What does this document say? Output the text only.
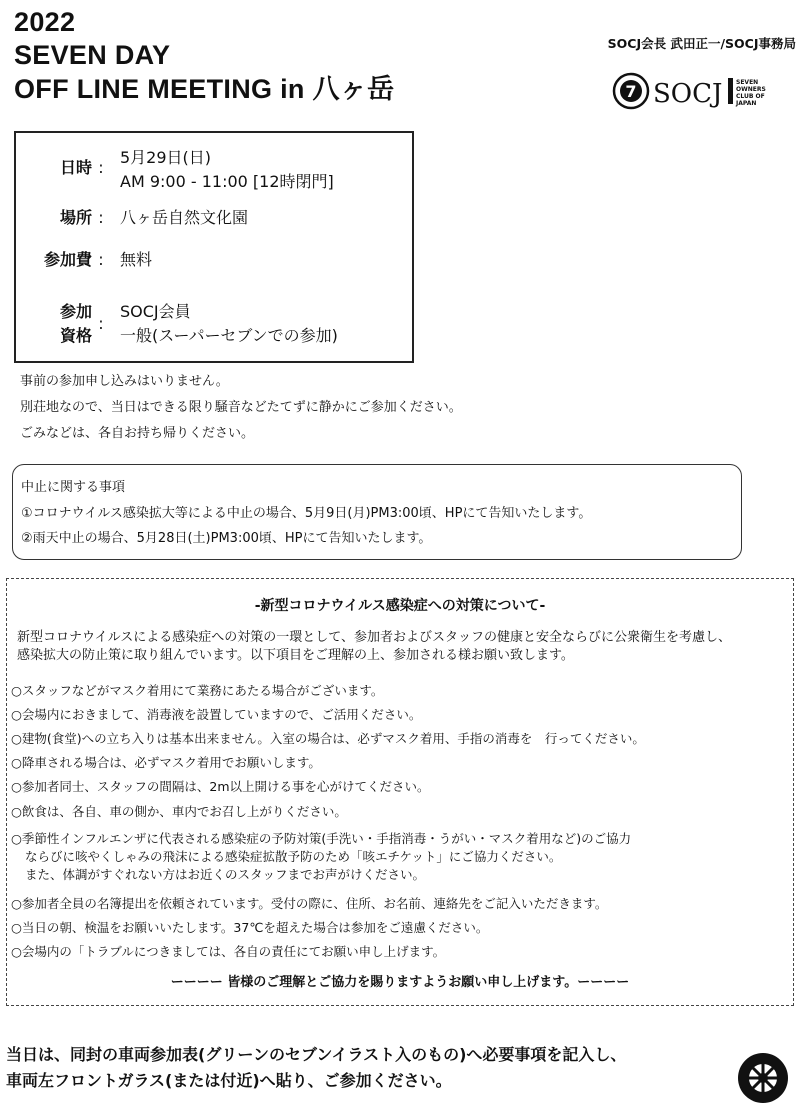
2022
SEVEN DAY
OFF LINE MEETING in 八ヶ岳
SOCJ会長 武田正一/SOCJ事務局
7 SOCJ SEVEN
OWNERS
CLUB OF
JAPAN
日時 :
5月29日(日)
AM 9:00 - 11:00 [12時閉門]
場所 : 八ヶ岳自然文化園
参加費 : 無料
参加
資格
:
SOCJ会員
一般(スーパーセブンでの参加)
事前の参加申し込みはいりません。
別荘地なので、当日はできる限り騒音などたてずに静かにご参加ください。
ごみなどは、各自お持ち帰りください。
中止に関する事項
①コロナウイルス感染拡大等による中止の場合、5月9日(月)PM3:00頃、HPにて告知いたします。
②雨天中止の場合、5月28日(土)PM3:00頃、HPにて告知いたします。
-新型コロナウイルス感染症への対策について-
新型コロナウイルスによる感染症への対策の一環として、参加者およびスタッフの健康と安全ならびに公衆衛生を考慮し、
感染拡大の防止策に取り組んでいます。以下項目をご理解の上、参加される様お願い致します。
○スタッフなどがマスク着用にて業務にあたる場合がございます。
○会場内におきまして、消毒液を設置していますので、ご活用ください。
○建物(食堂)への立ち入りは基本出来ません。入室の場合は、必ずマスク着用、手指の消毒を　行ってください。
○降車される場合は、必ずマスク着用でお願いします。
○参加者同士、スタッフの間隔は、2m以上開ける事を心がけてください。
○飲食は、各自、車の側か、車内でお召し上がりください。
○季節性インフルエンザに代表される感染症の予防対策(手洗い・手指消毒・うがい・マスク着用など)のご協力
ならびに咳やくしゃみの飛沫による感染症拡散予防のため「咳エチケット」にご協力ください。
また、体調がすぐれない方はお近くのスタッフまでお声がけください。
○参加者全員の名簿提出を依頼されています。受付の際に、住所、お名前、連絡先をご記入いただきます。
○当日の朝、検温をお願いいたします。37℃を超えた場合は参加をご遠慮ください。
○会場内の「トラブルにつきましては、各自の責任にてお願い申し上げます。
ーーーー 皆様のご理解とご協力を賜りますようお願い申し上げます。ーーーー
当日は、同封の車両参加表(グリーンのセブンイラスト入のもの)へ必要事項を記入し、
車両左フロントガラス(または付近)へ貼り、ご参加ください。
